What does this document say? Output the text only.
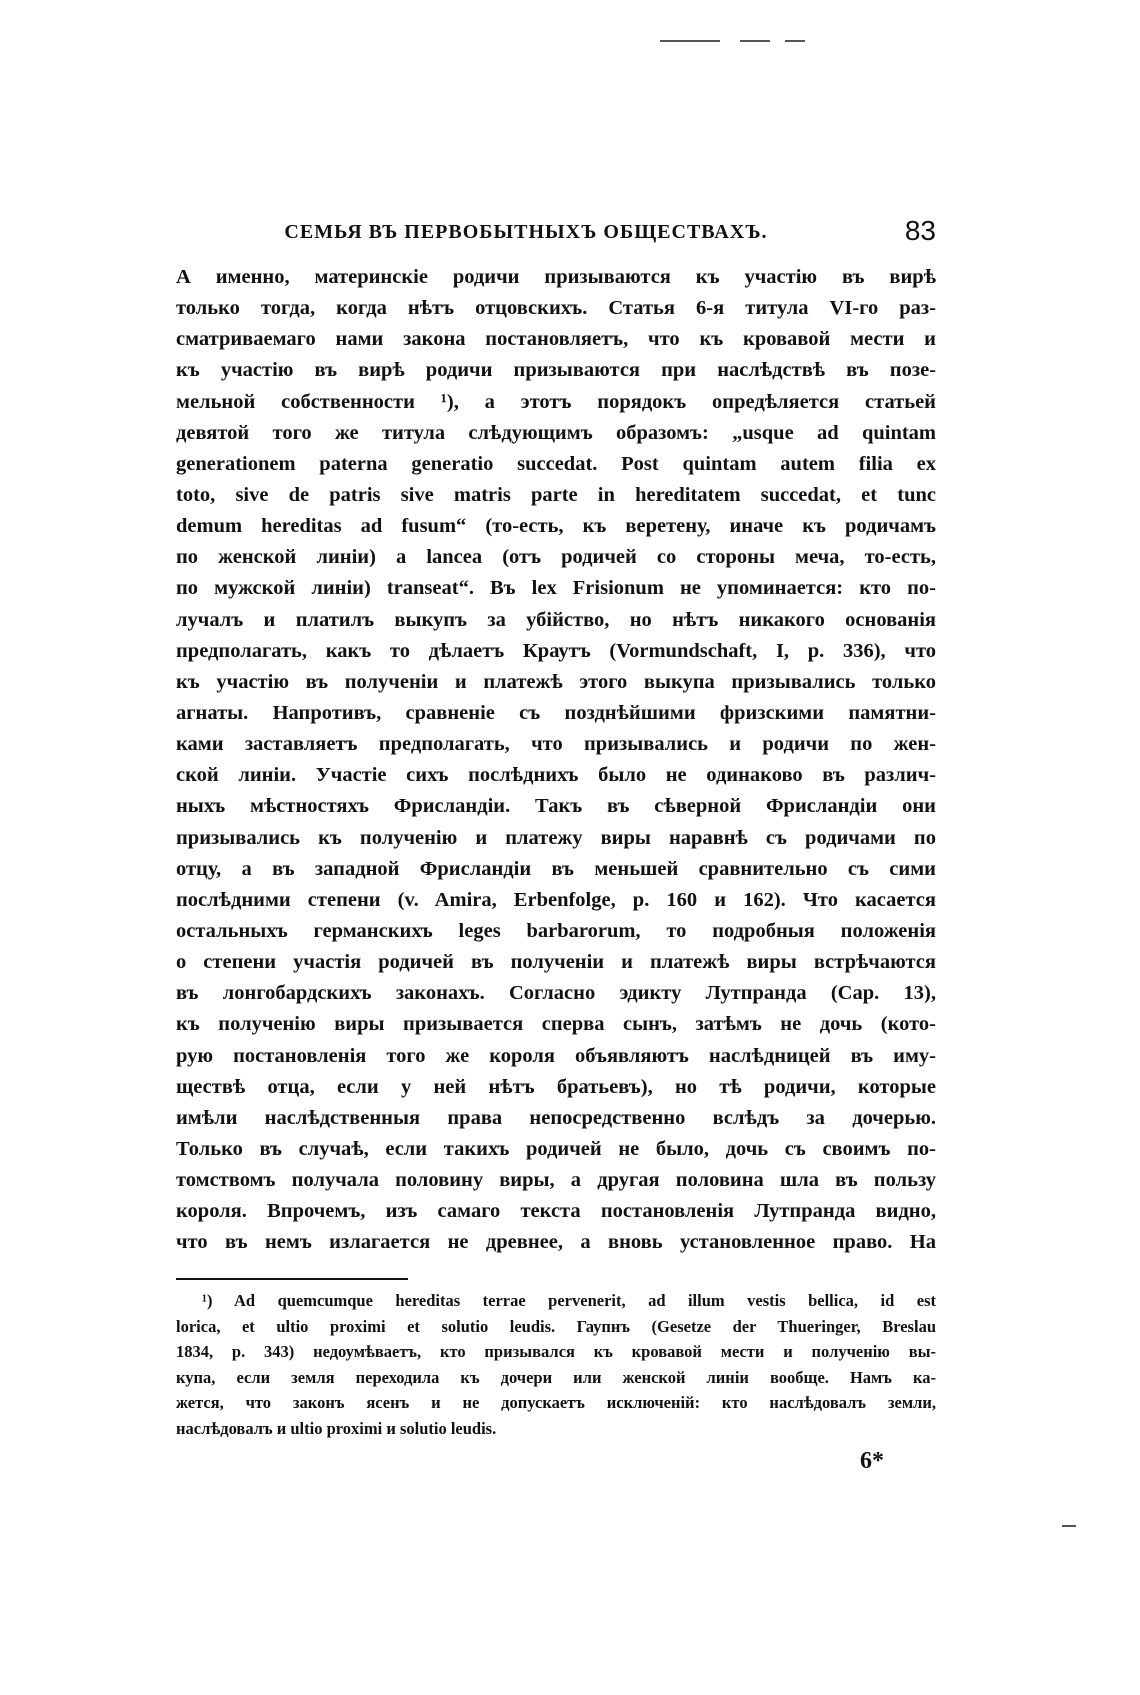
СЕМЬЯ ВЪ ПЕРВОБЫТНЫХЪ ОБЩЕСТВАХЪ.	83
А именно, материнскіе родичи призываются къ участію въ вирѣ
только тогда, когда нѣтъ отцовскихъ. Статья 6-я титула VI-го раз-
сматриваемаго нами закона постановляетъ, что къ кровавой мести и
къ участію въ вирѣ родичи призываются при наслѣдствѣ въ позе-
мельной собственности ¹), а этотъ порядокъ опредѣляется статьей
девятой того же титула слѣдующимъ образомъ: „usque ad quintam
generationem paterna generatio succedat. Post quintam autem filia ex
toto, sive de patris sive matris parte in hereditatem succedat, et tunc
demum hereditas ad fusum“ (то-есть, къ веретену, иначе къ родичамъ
по женской линіи) а lancea (отъ родичей со стороны меча, то-есть,
по мужской линіи) transeat“. Въ lex Frisionum не упоминается: кто по-
лучалъ и платилъ выкупъ за убійство, но нѣтъ никакого основанія
предполагать, какъ то дѣлаетъ Краутъ (Vormundschaft, I, p. 336), что
къ участію въ полученіи и платежѣ этого выкупа призывались только
агнаты. Напротивъ, сравненіе съ позднѣйшими фризскими памятни-
ками заставляетъ предполагать, что призывались и родичи по жен-
ской линіи. Участіе сихъ послѣднихъ было не одинаково въ различ-
ныхъ мѣстностяхъ Фрисландіи. Такъ въ сѣверной Фрисландіи они
призывались къ полученію и платежу виры наравнѣ съ родичами по
отцу, а въ западной Фрисландіи въ меньшей сравнительно съ сими
послѣдними степени (v. Amira, Erbenfolge, p. 160 и 162). Что касается
остальныхъ германскихъ leges barbarorum, то подробныя положенія
о степени участія родичей въ полученіи и платежѣ виры встрѣчаются
въ лонгобардскихъ законахъ. Согласно эдикту Лутпранда (Cap. 13),
къ полученію виры призывается сперва сынъ, затѣмъ не дочь (кото-
рую постановленія того же короля объявляютъ наслѣдницей въ иму-
ществѣ отца, если у ней нѣтъ братьевъ), но тѣ родичи, которые
имѣли наслѣдственныя права непосредственно вслѣдъ за дочерью.
Только въ случаѣ, если такихъ родичей не было, дочь съ своимъ по-
томствомъ получала половину виры, а другая половина шла въ пользу
короля. Впрочемъ, изъ самаго текста постановленія Лутпранда видно,
что въ немъ излагается не древнее, а вновь установленное право. На
¹) Ad quemcumque hereditas terrae pervenerit, ad illum vestis bellica, id est
lorica, et ultio proximi et solutio leudis. Гаупнъ (Gesetze der Thueringer, Breslau
1834, p. 343) недоумѣваетъ, кто призывался къ кровавой мести и полученію вы-
купа, если земля переходила къ дочери или женской линіи вообще. Намъ ка-
жется, что законъ ясенъ и не допускаетъ исключеній: кто наслѣдовалъ земли,
наслѣдовалъ и ultio proximi и solutio leudis.
6*
